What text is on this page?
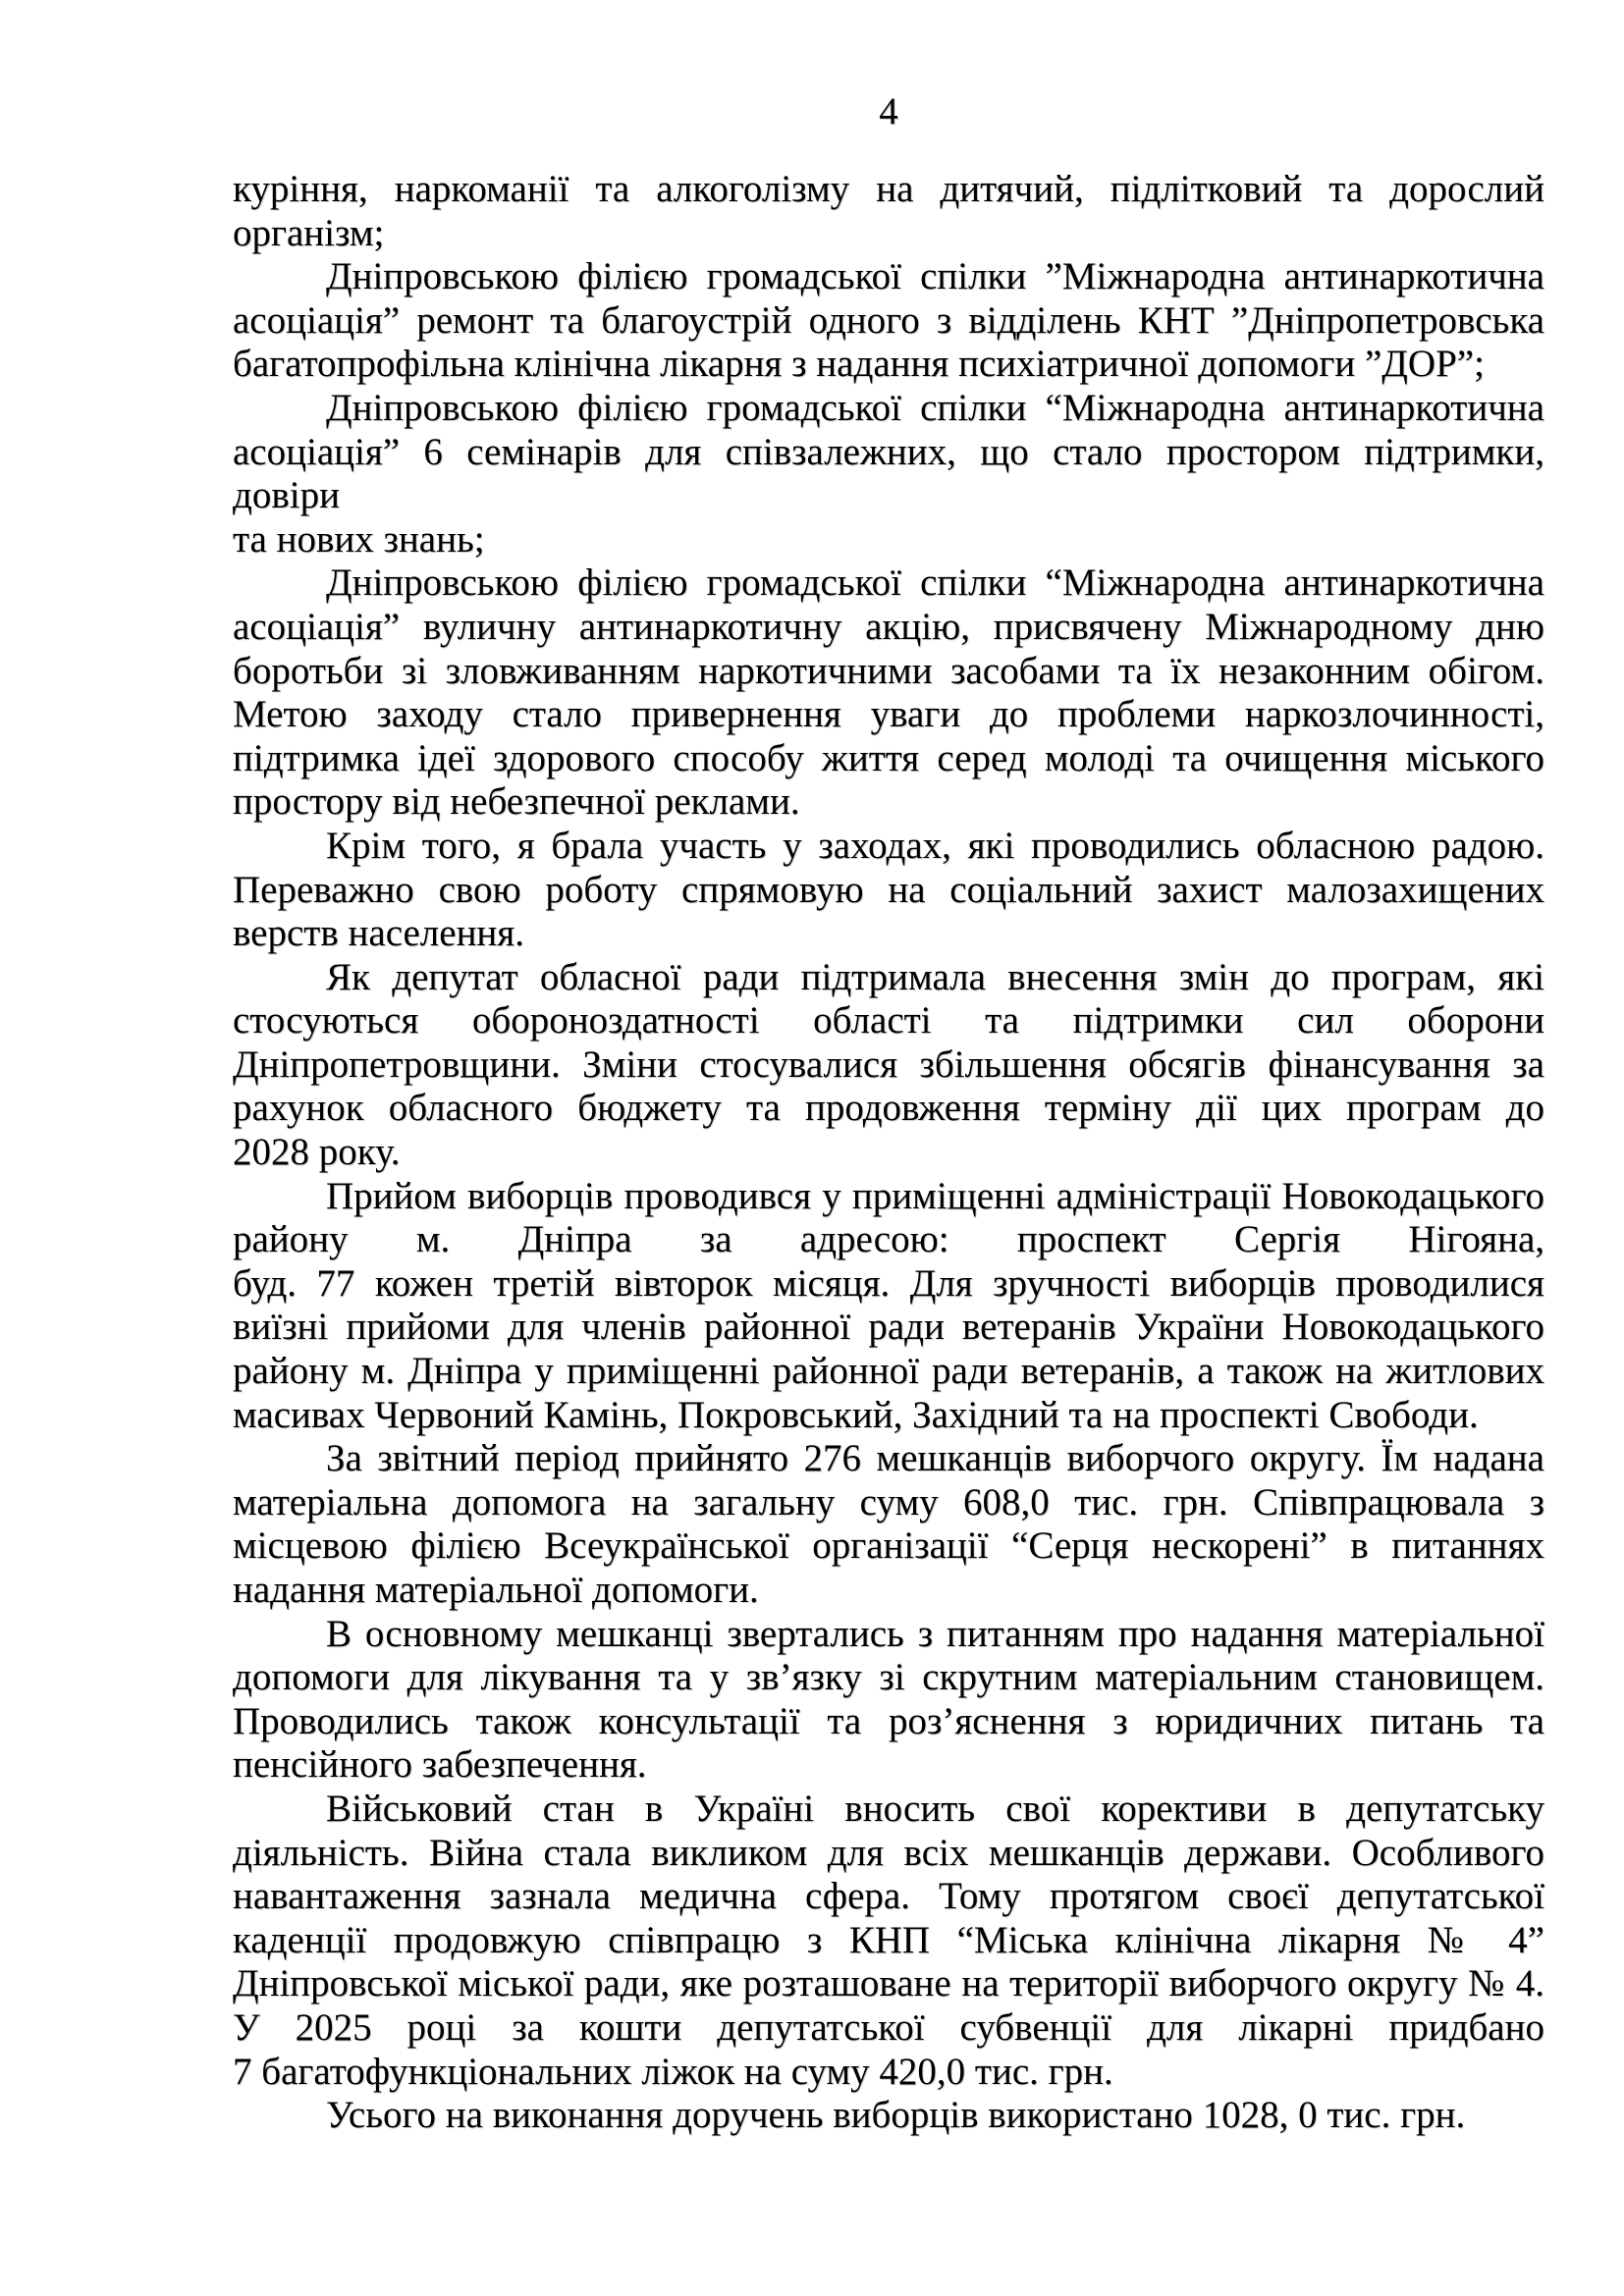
4
куріння, наркоманії та алкоголізму на дитячий, підлітковий та дорослий
організм;
Дніпровською філією громадської спілки ”Міжнародна антинаркотична
асоціація” ремонт та благоустрій одного з відділень КНТ ”Дніпропетровська
багатопрофільна клінічна лікарня з надання психіатричної допомоги ”ДОР”;
Дніпровською філією громадської спілки “Міжнародна антинаркотична
асоціація” 6 семінарів для співзалежних, що стало простором підтримки, довіри
та нових знань;
Дніпровською філією громадської спілки “Міжнародна антинаркотична
асоціація” вуличну антинаркотичну акцію, присвячену Міжнародному дню
боротьби зі зловживанням наркотичними засобами та їх незаконним обігом.
Метою заходу стало привернення уваги до проблеми наркозлочинності,
підтримка ідеї здорового способу життя серед молоді та очищення міського
простору від небезпечної реклами.
Крім того, я брала участь у заходах, які проводились обласною радою.
Переважно свою роботу спрямовую на соціальний захист малозахищених
верств населення.
Як депутат обласної ради підтримала внесення змін до програм, які
стосуються обороноздатності області та підтримки сил оборони
Дніпропетровщини. Зміни стосувалися збільшення обсягів фінансування за
рахунок обласного бюджету та продовження терміну дії цих програм до
2028 року.
Прийом виборців проводився у приміщенні адміністрації Новокодацького
району м. Дніпра за адресою: проспект Сергія Нігояна,
буд. 77 кожен третій вівторок місяця. Для зручності виборців проводилися
виїзні прийоми для членів районної ради ветеранів України Новокодацького
району м. Дніпра у приміщенні районної ради ветеранів, а також на житлових
масивах Червоний Камінь, Покровський, Західний та на проспекті Свободи.
За звітний період прийнято 276 мешканців виборчого округу. Їм надана
матеріальна допомога на загальну суму 608,0 тис. грн. Співпрацювала з
місцевою філією Всеукраїнської організації “Серця нескорені” в питаннях
надання матеріальної допомоги.
В основному мешканці звертались з питанням про надання матеріальної
допомоги для лікування та у зв’язку зі скрутним матеріальним становищем.
Проводились також консультації та роз’яснення з юридичних питань та
пенсійного забезпечення.
Військовий стан в Україні вносить свої корективи в депутатську
діяльність. Війна стала викликом для всіх мешканців держави. Особливого
навантаження зазнала медична сфера. Тому протягом своєї депутатської
каденції продовжую співпрацю з КНП “Міська клінічна лікарня № 4”
Дніпровської міської ради, яке розташоване на території виборчого округу № 4.
У 2025 році за кошти депутатської субвенції для лікарні придбано
7 багатофункціональних ліжок на суму 420,0 тис. грн.
Усього на виконання доручень виборців використано 1028, 0 тис. грн.
